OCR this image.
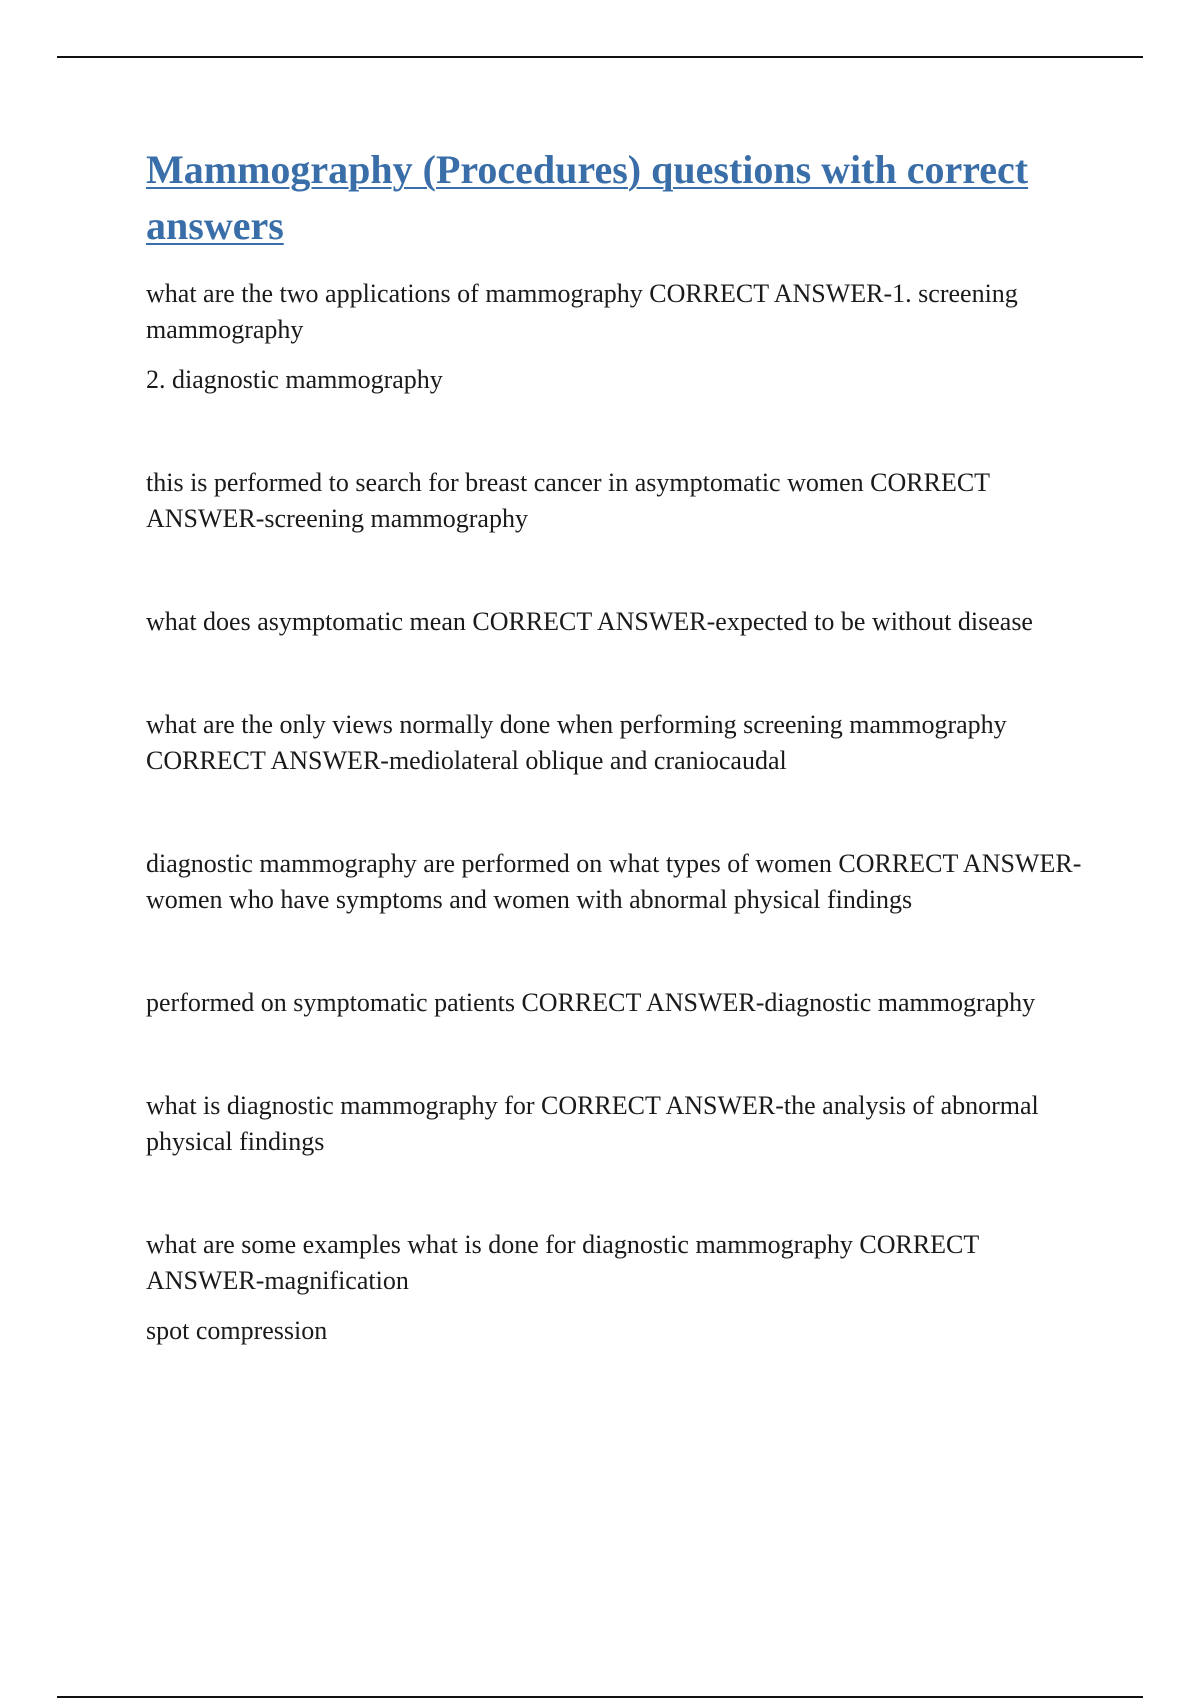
Mammography (Procedures) questions with correct answers

what are the two applications of mammography CORRECT ANSWER-1. screening mammography

2. diagnostic mammography

this is performed to search for breast cancer in asymptomatic women CORRECT ANSWER-screening mammography

what does asymptomatic mean CORRECT ANSWER-expected to be without disease

what are the only views normally done when performing screening mammography CORRECT ANSWER-mediolateral oblique and craniocaudal

diagnostic mammography are performed on what types of women CORRECT ANSWER-women who have symptoms and women with abnormal physical findings

performed on symptomatic patients CORRECT ANSWER-diagnostic mammography

what is diagnostic mammography for CORRECT ANSWER-the analysis of abnormal physical findings

what are some examples what is done for diagnostic mammography CORRECT ANSWER-magnification

spot compression
